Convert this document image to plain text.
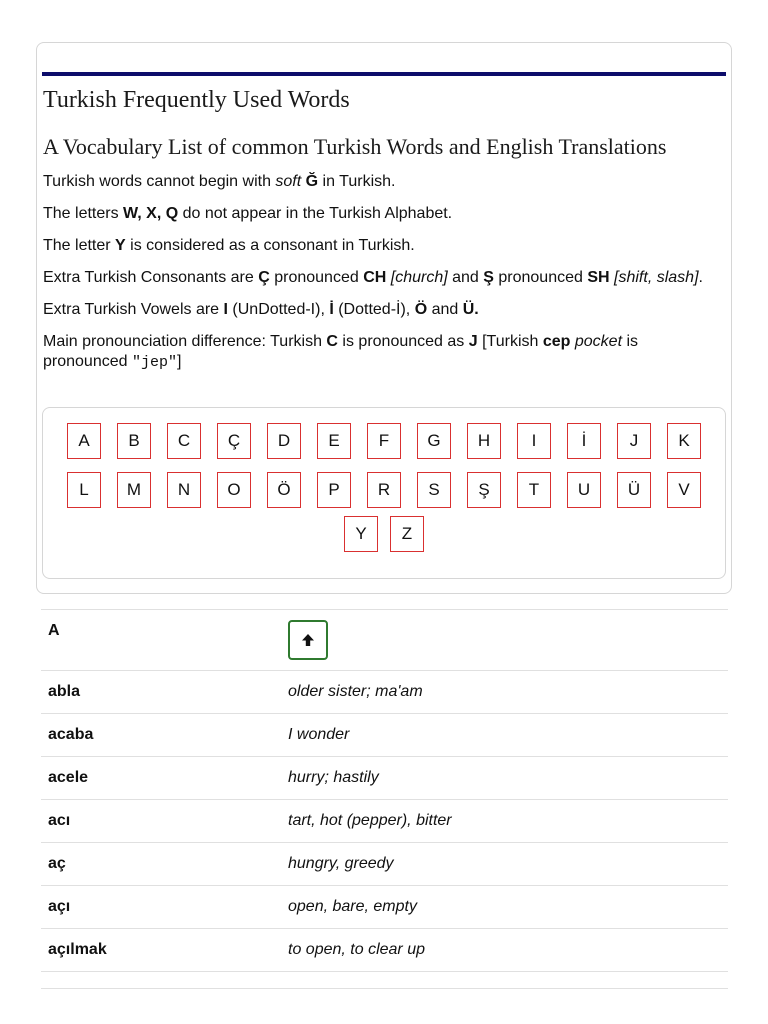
Turkish Frequently Used Words
A Vocabulary List of common Turkish Words and English Translations

Turkish words cannot begin with soft Ğ in Turkish.

The letters W, X, Q do not appear in the Turkish Alphabet.

The letter Y is considered as a consonant in Turkish.

Extra Turkish Consonants are Ç pronounced CH [church] and Ş pronounced SH [shift, slash].

Extra Turkish Vowels are I (UnDotted-I), İ (Dotted-İ), Ö and Ü.

Main pronounciation difference: Turkish C is pronounced as J [Turkish cep pocket is pronounced "jep"]

A	B	C	Ç	D	E	F	G	H	I	İ	J	K
L	M	N	O	Ö	P	R	S	Ş	T	U	Ü	V
Y	Z
A
abla	older sister; ma'am
acaba	I wonder
acele	hurry; hastily
acı	tart, hot (pepper), bitter
aç	hungry, greedy
açı	open, bare, empty
açılmak	to open, to clear up
